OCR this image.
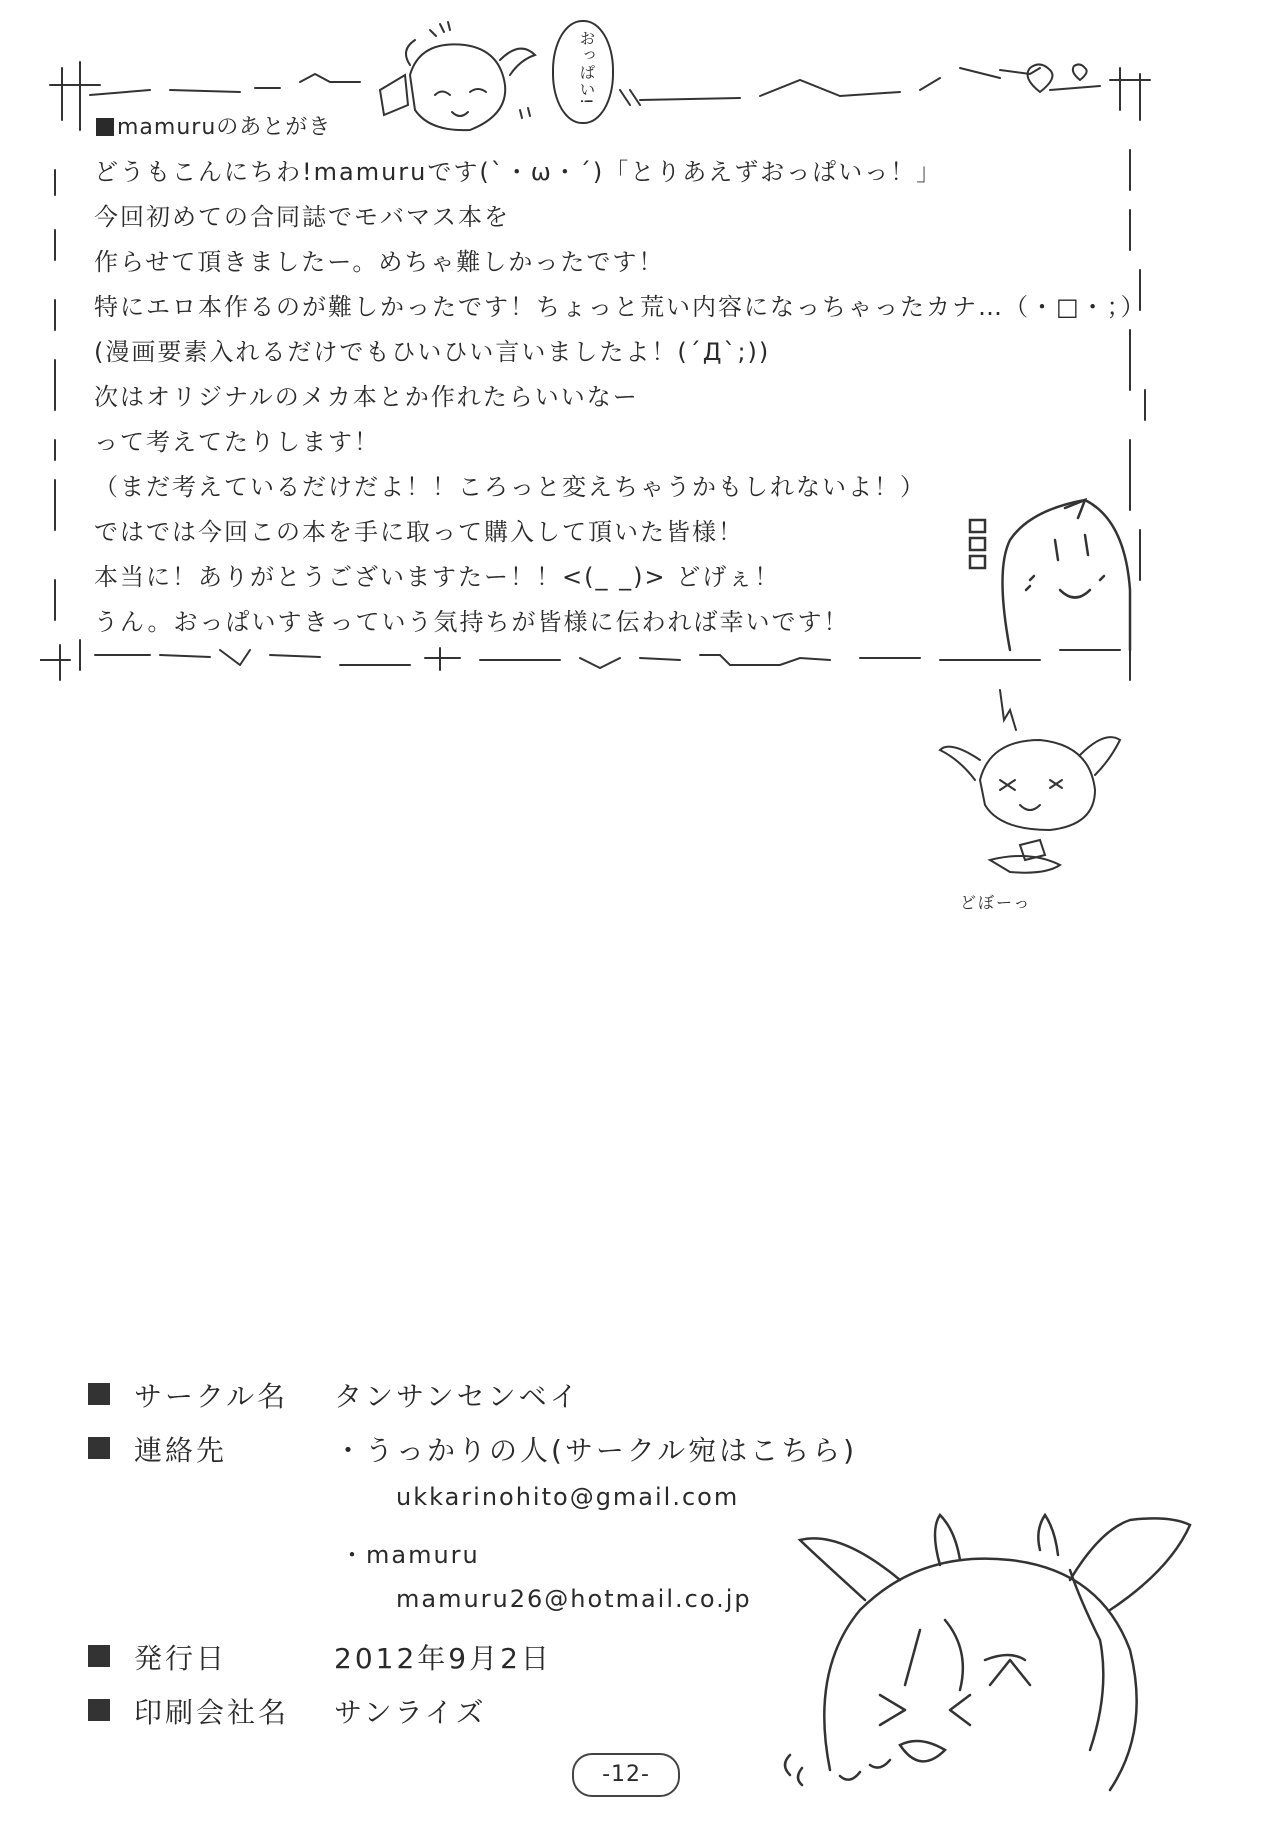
おっぱい!
mamuruのあとがき
どうもこんにちわ!mamuruです(`・ω・´)「とりあえずおっぱいっ！」
今回初めての合同誌でモバマス本を
作らせて頂きましたー。めちゃ難しかったです！
特にエロ本作るのが難しかったです！ちょっと荒い内容になっちゃったカナ…（・□・；）
(漫画要素入れるだけでもひいひい言いましたよ！(´Д`;))
次はオリジナルのメカ本とか作れたらいいなー
って考えてたりします！
（まだ考えているだけだよ！！ころっと変えちゃうかもしれないよ！）
ではでは今回この本を手に取って購入して頂いた皆様！
本当に！ありがとうございますたー！！<(_ _)> どげぇ！
うん。おっぱいすきっていう気持ちが皆様に伝われば幸いです！
どぼーっ
サークル名 タンサンセンベイ
連絡先	・うっかりの人(サークル宛はこちら)
ukkarinohito@gmail.com
・mamuru
mamuru26@hotmail.co.jp
発行日	2012年9月2日
印刷会社名 サンライズ
-12-
